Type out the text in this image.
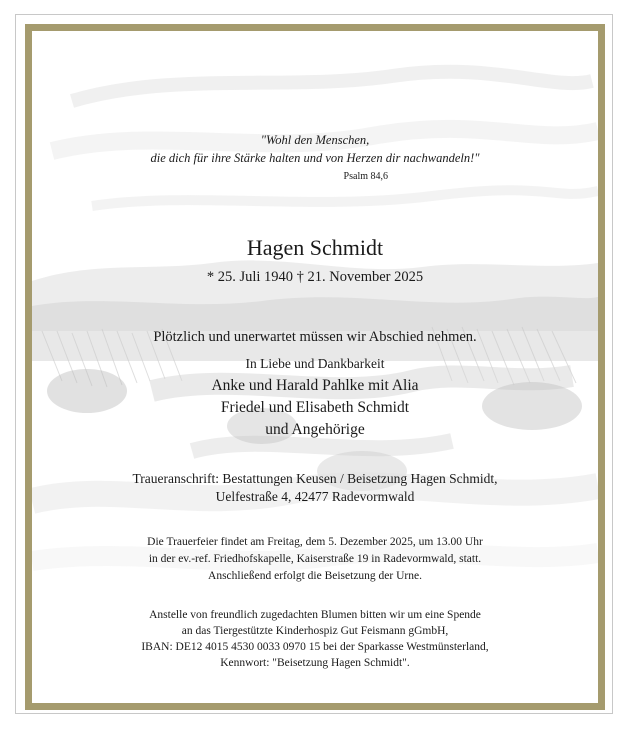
"Wohl den Menschen,
die dich für ihre Stärke halten und von Herzen dir nachwandeln!"
Psalm 84,6
Hagen Schmidt
* 25. Juli 1940 † 21. November 2025
Plötzlich und unerwartet müssen wir Abschied nehmen.
In Liebe und Dankbarkeit
Anke und Harald Pahlke mit Alia
Friedel und Elisabeth Schmidt
und Angehörige
Traueranschrift: Bestattungen Keusen / Beisetzung Hagen Schmidt,
Uelfestraße 4, 42477 Radevormwald
Die Trauerfeier findet am Freitag, dem 5. Dezember 2025, um 13.00 Uhr
in der ev.-ref. Friedhofskapelle, Kaiserstraße 19 in Radevormwald, statt.
Anschließend erfolgt die Beisetzung der Urne.
Anstelle von freundlich zugedachten Blumen bitten wir um eine Spende
an das Tiergestützte Kinderhospiz Gut Feismann gGmbH,
IBAN: DE12 4015 4530 0033 0970 15 bei der Sparkasse Westmünsterland,
Kennwort: "Beisetzung Hagen Schmidt".
